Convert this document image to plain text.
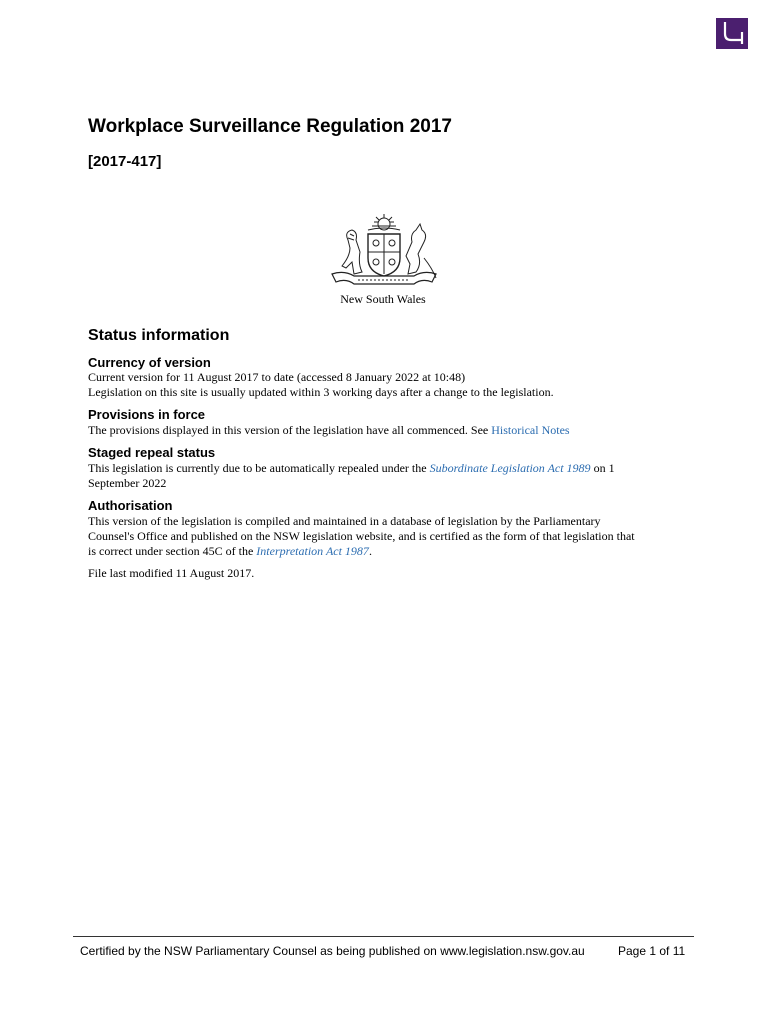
Workplace Surveillance Regulation 2017
[2017-417]
New South Wales
Status information
Currency of version
Current version for 11 August 2017 to date (accessed 8 January 2022 at 10:48)
Legislation on this site is usually updated within 3 working days after a change to the legislation.
Provisions in force
The provisions displayed in this version of the legislation have all commenced. See Historical Notes
Staged repeal status
This legislation is currently due to be automatically repealed under the Subordinate Legislation Act 1989 on 1
September 2022
Authorisation
This version of the legislation is compiled and maintained in a database of legislation by the Parliamentary
Counsel's Office and published on the NSW legislation website, and is certified as the form of that legislation that
is correct under section 45C of the Interpretation Act 1987.
File last modified 11 August 2017.
Certified by the NSW Parliamentary Counsel as being published on www.legislation.nsw.gov.au	Page 1 of 11
